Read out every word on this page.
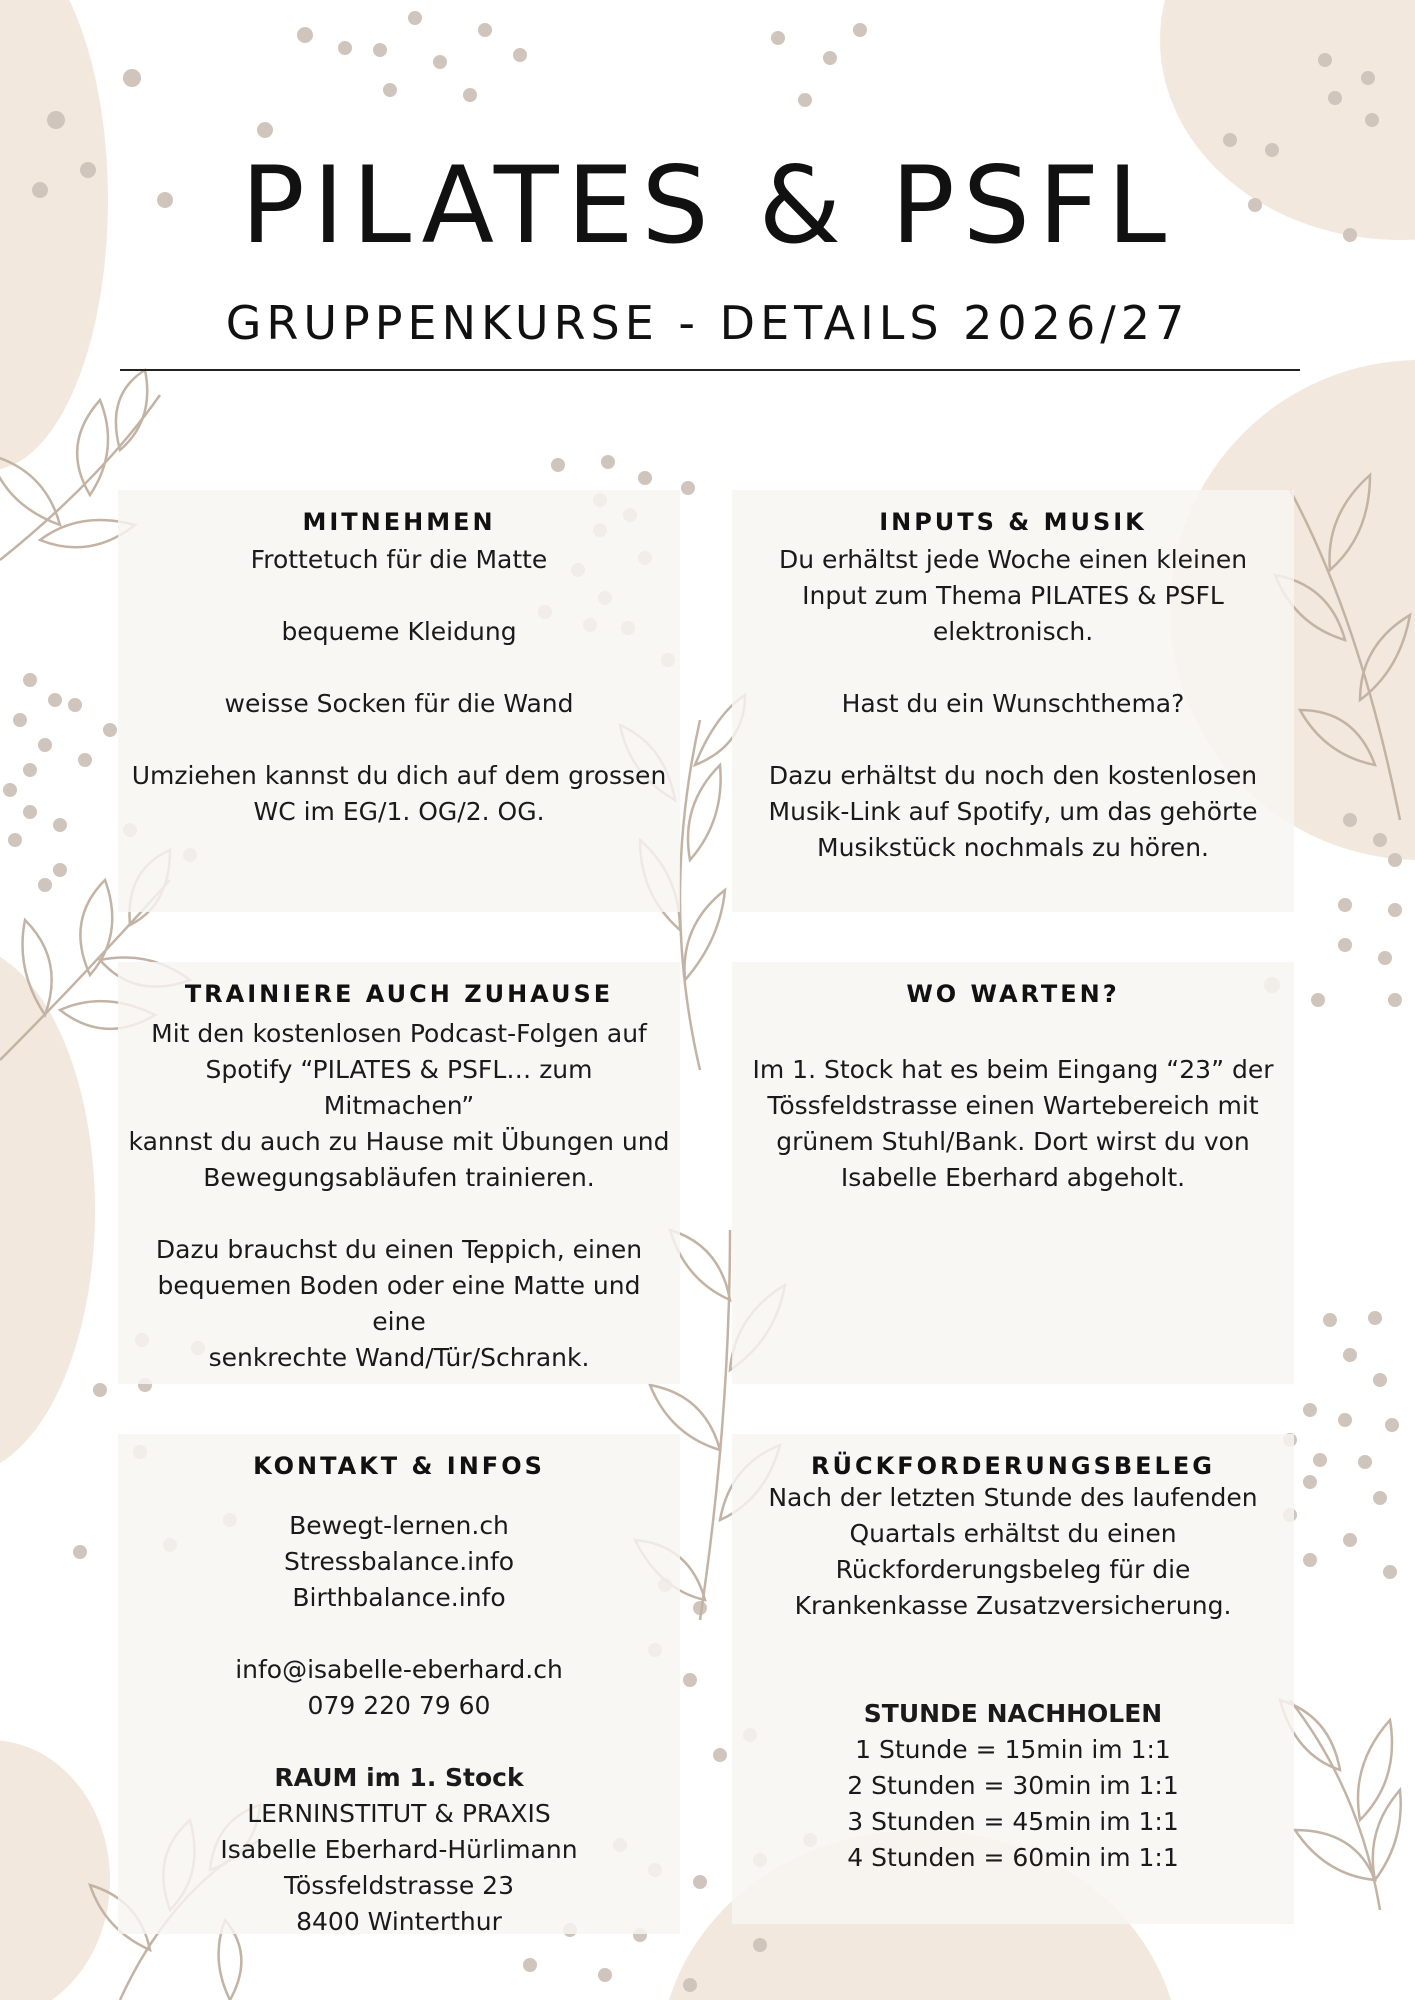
PILATES & PSFL
GRUPPENKURSE - DETAILS 2026/27
MITNEHMEN

Frottetuch für die Matte

bequeme Kleidung

weisse Socken für die Wand

Umziehen kannst du dich auf dem grossen

WC im EG/1. OG/2. OG.

INPUTS & MUSIK

Du erhältst jede Woche einen kleinen

Input zum Thema PILATES & PSFL

elektronisch.

Hast du ein Wunschthema?

Dazu erhältst du noch den kostenlosen

Musik-Link auf Spotify, um das gehörte

Musikstück nochmals zu hören.

TRAINIERE AUCH ZUHAUSE

Mit den kostenlosen Podcast-Folgen auf

Spotify “PILATES & PSFL… zum Mitmachen”

kannst du auch zu Hause mit Übungen und

Bewegungsabläufen trainieren.

Dazu brauchst du einen Teppich, einen

bequemen Boden oder eine Matte und eine

senkrechte Wand/Tür/Schrank.

WO WARTEN?

Im 1. Stock hat es beim Eingang “23” der

Tössfeldstrasse einen Wartebereich mit

grünem Stuhl/Bank. Dort wirst du von

Isabelle Eberhard abgeholt.

KONTAKT & INFOS

Bewegt-lernen.ch

Stressbalance.info

Birthbalance.info

info@isabelle-eberhard.ch

079 220 79 60

RAUM im 1. Stock

LERNINSTITUT & PRAXIS

Isabelle Eberhard-Hürlimann

Tössfeldstrasse 23

8400 Winterthur

RÜCKFORDERUNGSBELEG

Nach der letzten Stunde des laufenden

Quartals erhältst du einen

Rückforderungsbeleg für die

Krankenkasse Zusatzversicherung.

STUNDE NACHHOLEN

1 Stunde = 15min im 1:1

2 Stunden = 30min im 1:1

3 Stunden = 45min im 1:1

4 Stunden = 60min im 1:1
